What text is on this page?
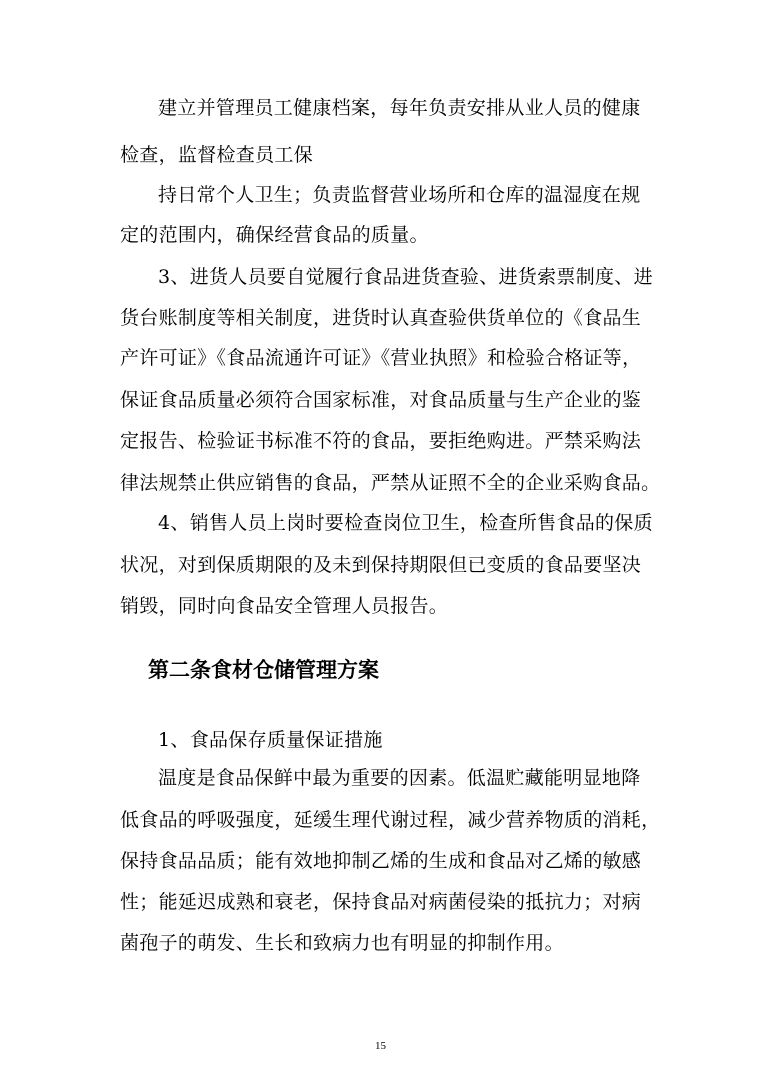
建立并管理员工健康档案，每年负责安排从业人员的健康
检查，监督检查员工保
持日常个人卫生；负责监督营业场所和仓库的温湿度在规
定的范围内，确保经营食品的质量。
3、进货人员要自觉履行食品进货查验、进货索票制度、进
货台账制度等相关制度，进货时认真查验供货单位的《食品生
产许可证》《食品流通许可证》《营业执照》和检验合格证等，
保证食品质量必须符合国家标准，对食品质量与生产企业的鉴
定报告、检验证书标准不符的食品，要拒绝购进。严禁采购法
律法规禁止供应销售的食品，严禁从证照不全的企业采购食品。
4、销售人员上岗时要检查岗位卫生，检查所售食品的保质
状况，对到保质期限的及未到保持期限但已变质的食品要坚决
销毁，同时向食品安全管理人员报告。
第二条食材仓储管理方案
1、食品保存质量保证措施
温度是食品保鲜中最为重要的因素。低温贮藏能明显地降
低食品的呼吸强度，延缓生理代谢过程，减少营养物质的消耗，
保持食品品质；能有效地抑制乙烯的生成和食品对乙烯的敏感
性；能延迟成熟和衰老，保持食品对病菌侵染的抵抗力；对病
菌孢子的萌发、生长和致病力也有明显的抑制作用。
15
